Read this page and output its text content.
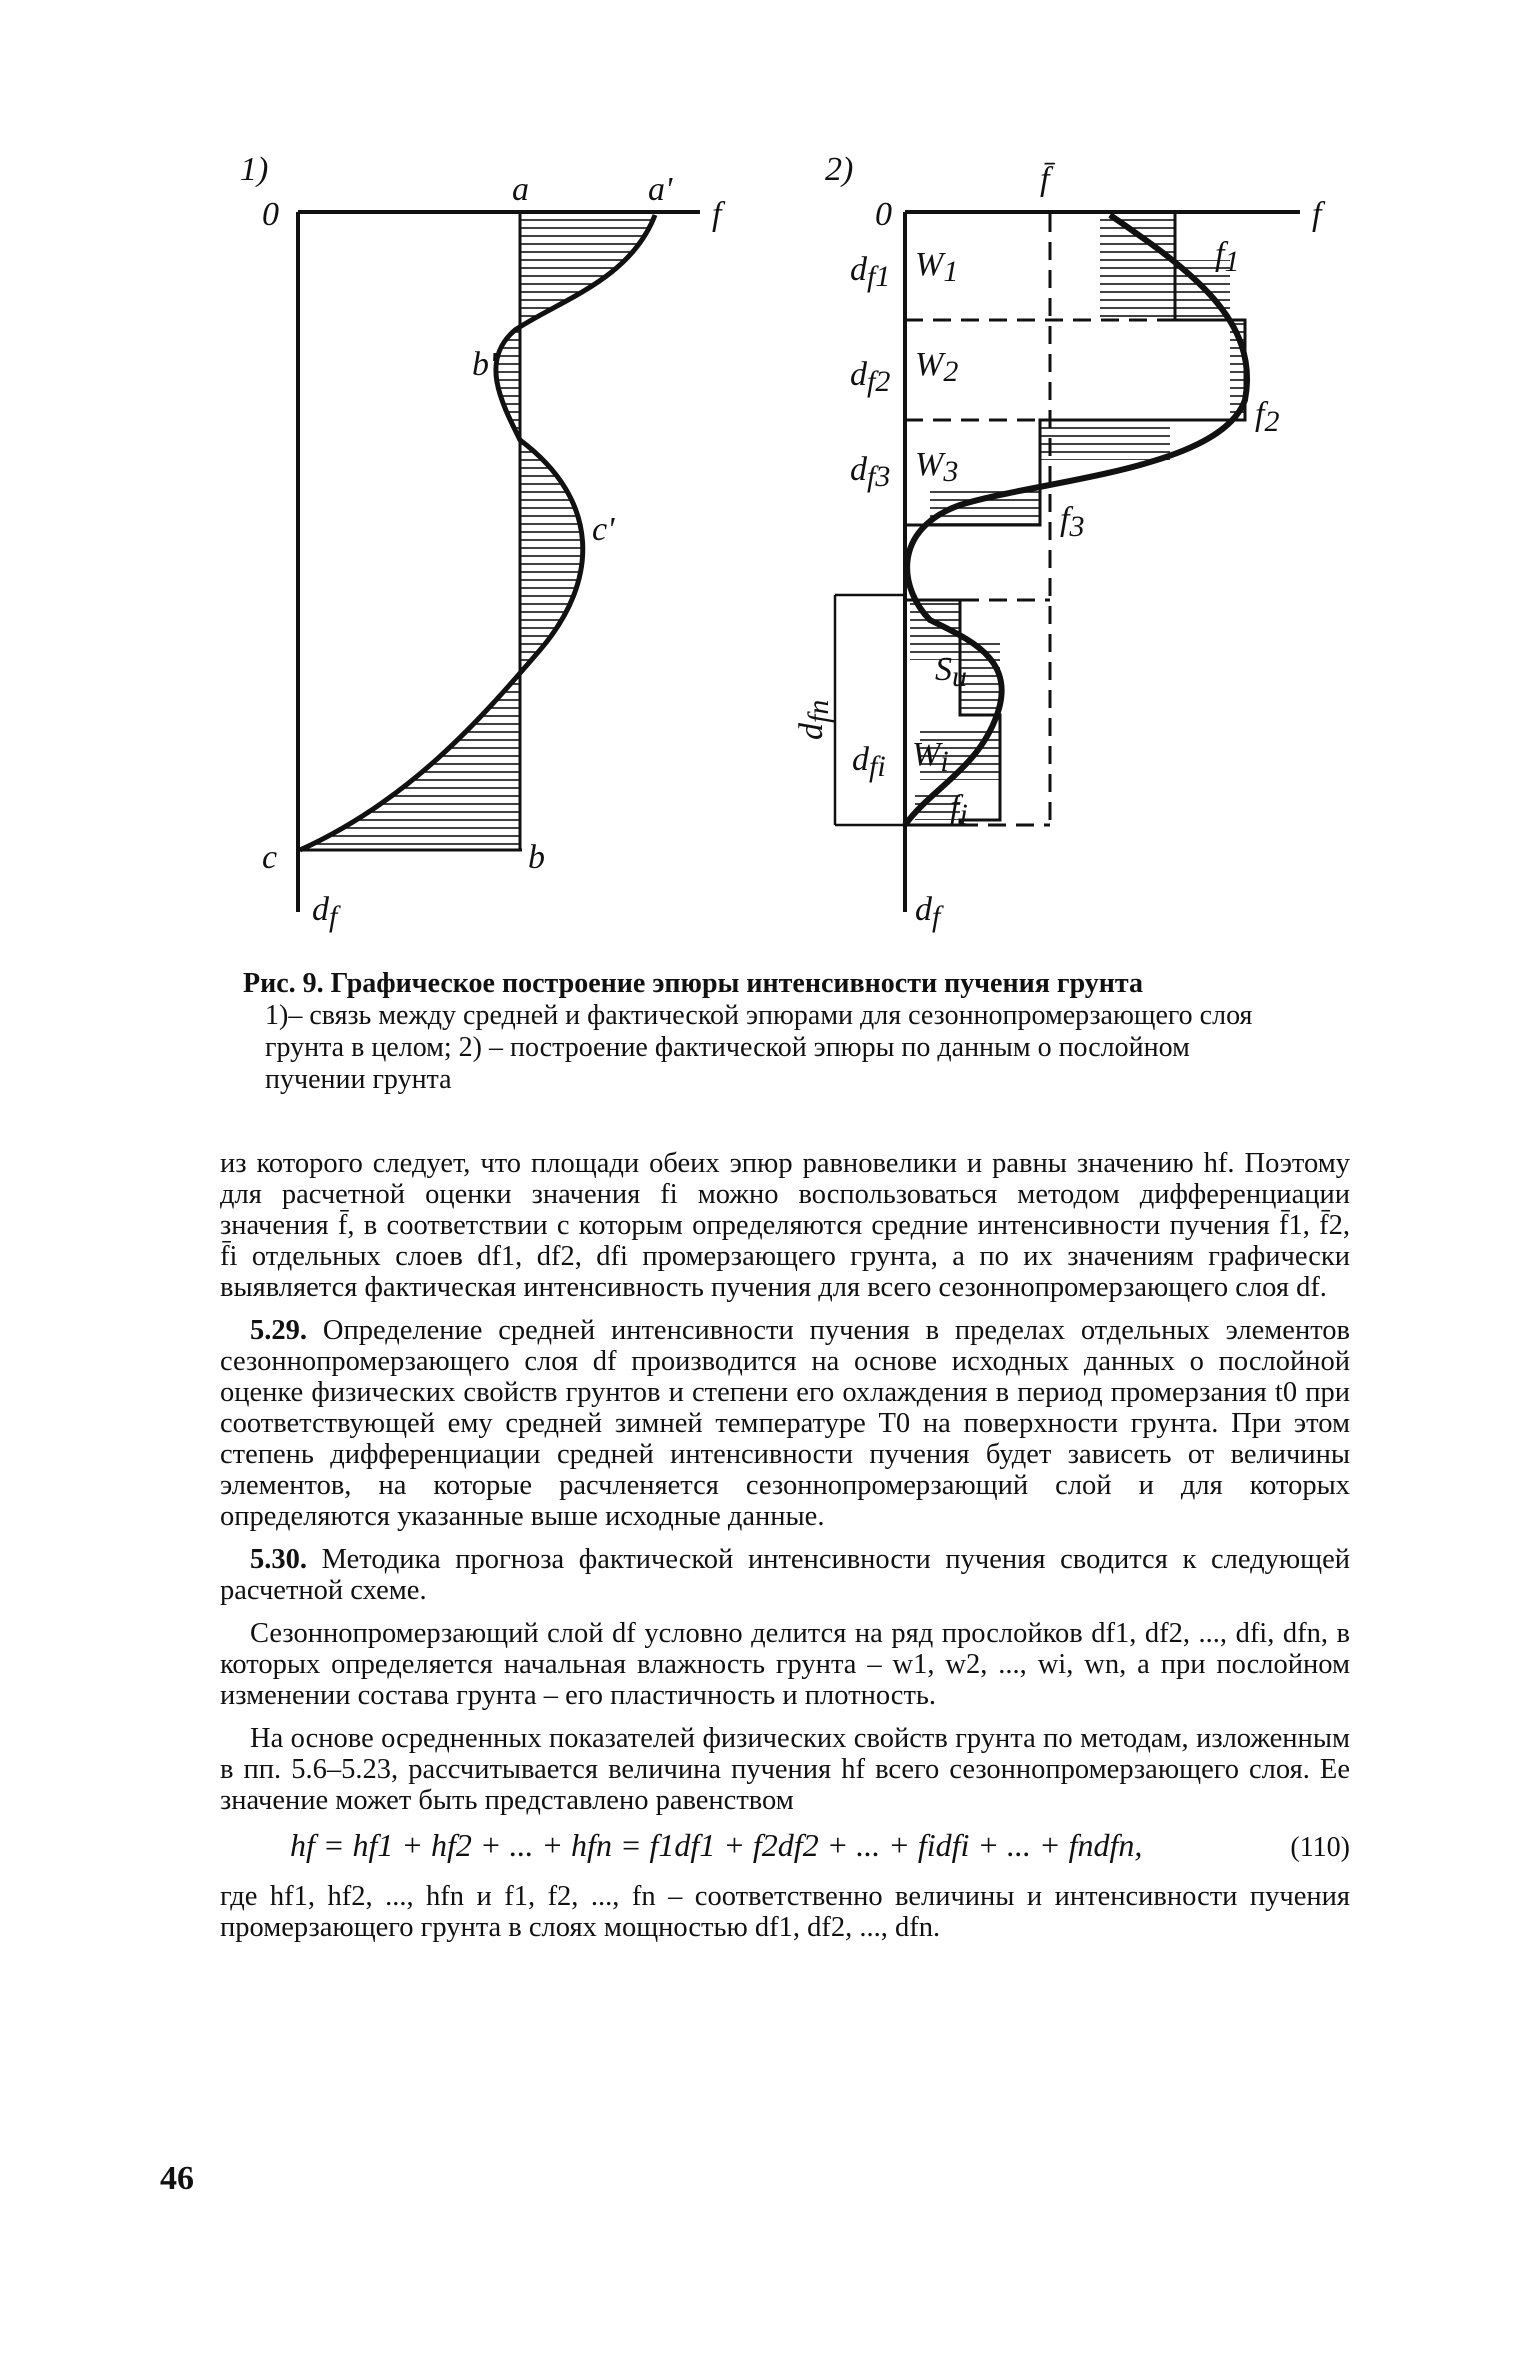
1)
0
a	a'
f
b'
c'
c	b
df
2)
0
f̄
f
df1
df2
df3
W1
W2
W3
f1
f2
f3
Su
dfi Wi
fi
dfn
df
Рис. 9. Графическое построение эпюры интенсивности пучения грунта
1)– связь между средней и фактической эпюрами для сезоннопромерзающего слоя грунта в целом; 2) – построение фактической эпюры по данным о послойном пучении грунта

из которого следует, что площади обеих эпюр равновелики и равны значению hf. Поэтому для расчетной оценки значения fi можно воспользоваться методом дифференциации значения f̄, в соответствии с которым определяются средние интенсивности пучения f̄1, f̄2, f̄i отдельных слоев df1, df2, dfi промерзающего грунта, а по их значениям графически выявляется фактическая интенсивность пучения для всего сезоннопромерзающего слоя df.

5.29. Определение средней интенсивности пучения в пределах отдельных элементов сезоннопромерзающего слоя df производится на основе исходных данных о послойной оценке физических свойств грунтов и степени его охлаждения в период промерзания t0 при соответствующей ему средней зимней температуре T0 на поверхности грунта. При этом степень дифференциации средней интенсивности пучения будет зависеть от величины элементов, на которые расчленяется сезоннопромерзающий слой и для которых определяются указанные выше исходные данные.

5.30. Методика прогноза фактической интенсивности пучения сводится к следующей расчетной схеме.

Сезоннопромерзающий слой df условно делится на ряд прослойков df1, df2, ..., dfi, dfn, в которых определяется начальная влажность грунта – w1, w2, ..., wi, wn, а при послойном изменении состава грунта – его пластичность и плотность.

На основе осредненных показателей физических свойств грунта по методам, изложенным в пп. 5.6–5.23, рассчитывается величина пучения hf всего сезоннопромерзающего слоя. Ее значение может быть представлено равенством

hf = hf1 + hf2 + ... + hfn = f1df1 + f2df2 + ... + fidfi + ... + fndfn,	(110)

где hf1, hf2, ..., hfn и f1, f2, ..., fn – соответственно величины и интенсивности пучения промерзающего грунта в слоях мощностью df1, df2, ..., dfn.

46
